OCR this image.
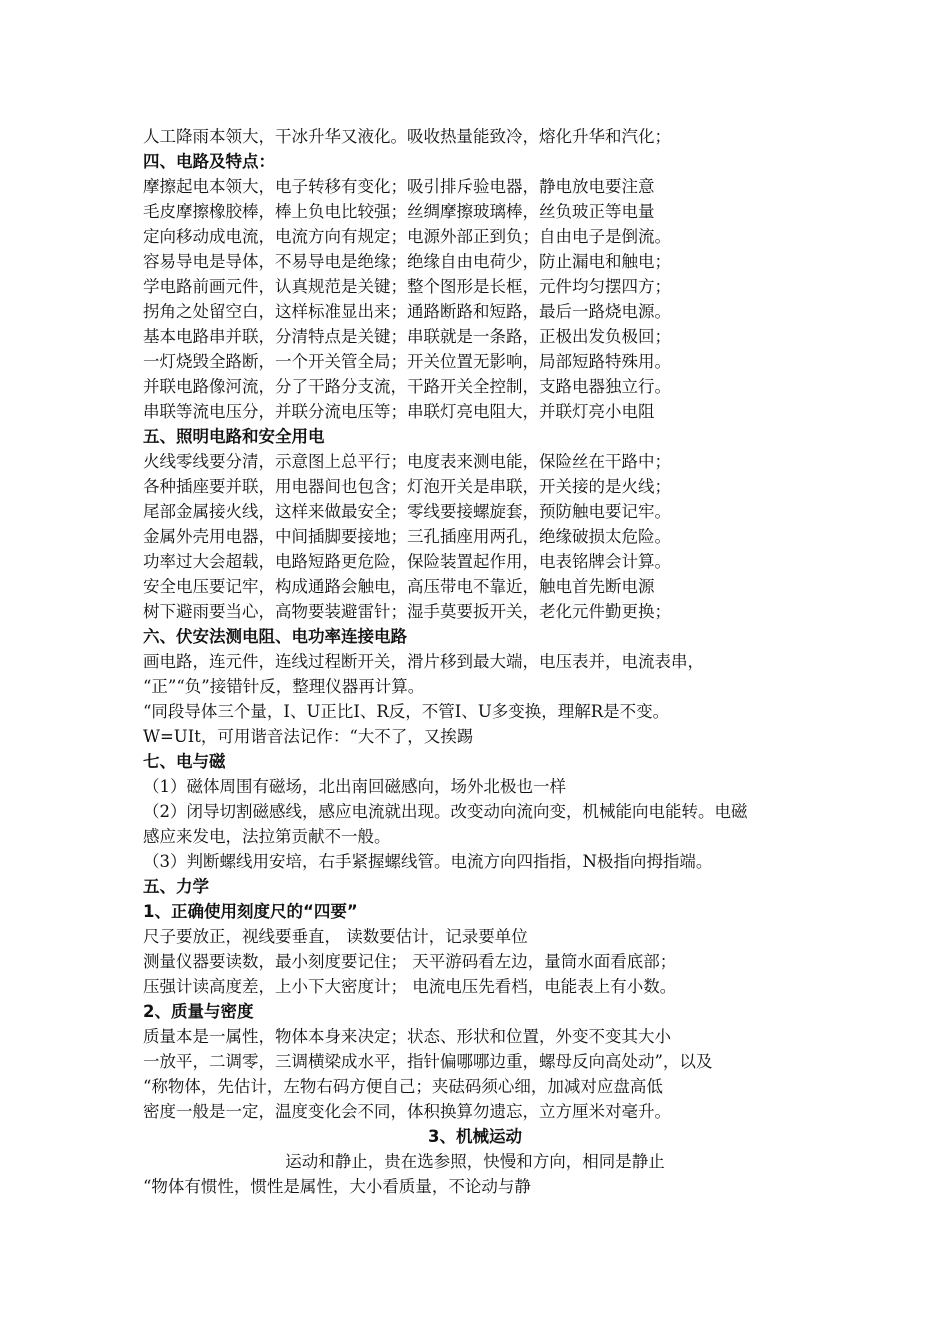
人工降雨本领大，干冰升华又液化。吸收热量能致冷，熔化升华和汽化；
四、电路及特点：
摩擦起电本领大，电子转移有变化；吸引排斥验电器，静电放电要注意
毛皮摩擦橡胶棒，棒上负电比较强；丝绸摩擦玻璃棒，丝负玻正等电量
定向移动成电流，电流方向有规定；电源外部正到负；自由电子是倒流。
容易导电是导体，不易导电是绝缘；绝缘自由电荷少，防止漏电和触电；
学电路前画元件，认真规范是关键；整个图形是长框，元件均匀摆四方；
拐角之处留空白，这样标准显出来；通路断路和短路，最后一路烧电源。
基本电路串并联，分清特点是关键；串联就是一条路，正极出发负极回；
一灯烧毁全路断，一个开关管全局；开关位置无影响，局部短路特殊用。
并联电路像河流，分了干路分支流，干路开关全控制，支路电器独立行。
串联等流电压分，并联分流电压等；串联灯亮电阻大，并联灯亮小电阻
五、照明电路和安全用电
火线零线要分清，示意图上总平行；电度表来测电能，保险丝在干路中；
各种插座要并联，用电器间也包含；灯泡开关是串联，开关接的是火线；
尾部金属接火线，这样来做最安全；零线要接螺旋套，预防触电要记牢。
金属外壳用电器，中间插脚要接地；三孔插座用两孔，绝缘破损太危险。
功率过大会超载，电路短路更危险，保险装置起作用，电表铭牌会计算。
安全电压要记牢，构成通路会触电，高压带电不靠近，触电首先断电源
树下避雨要当心，高物要装避雷针；湿手莫要扳开关，老化元件勤更换；
六、伏安法测电阻、电功率连接电路
画电路，连元件，连线过程断开关，滑片移到最大端，电压表并，电流表串，
“正”“负”接错针反，整理仪器再计算。
“同段导体三个量，I、U正比I、R反，不管I、U多变换，理解R是不变。
W=UIt，可用谐音法记作：“大不了，又挨踢
七、电与磁
（1）磁体周围有磁场，北出南回磁感向，场外北极也一样
（2）闭导切割磁感线，感应电流就出现。改变动向流向变，机械能向电能转。电磁
感应来发电，法拉第贡献不一般。
（3）判断螺线用安培，右手紧握螺线管。电流方向四指指，N极指向拇指端。
五、力学
1、正确使用刻度尺的“四要”
尺子要放正，视线要垂直， 读数要估计，记录要单位
测量仪器要读数，最小刻度要记住； 天平游码看左边，量筒水面看底部；
压强计读高度差，上小下大密度计； 电流电压先看档，电能表上有小数。
2、质量与密度
质量本是一属性，物体本身来决定；状态、形状和位置，外变不变其大小
一放平，二调零，三调横梁成水平，指针偏哪哪边重，螺母反向高处动”，以及
“称物体，先估计，左物右码方便自己；夹砝码须心细，加减对应盘高低
密度一般是一定，温度变化会不同，体积换算勿遗忘，立方厘米对毫升。
3、机械运动
运动和静止，贵在选参照，快慢和方向，相同是静止
“物体有惯性，惯性是属性，大小看质量，不论动与静
